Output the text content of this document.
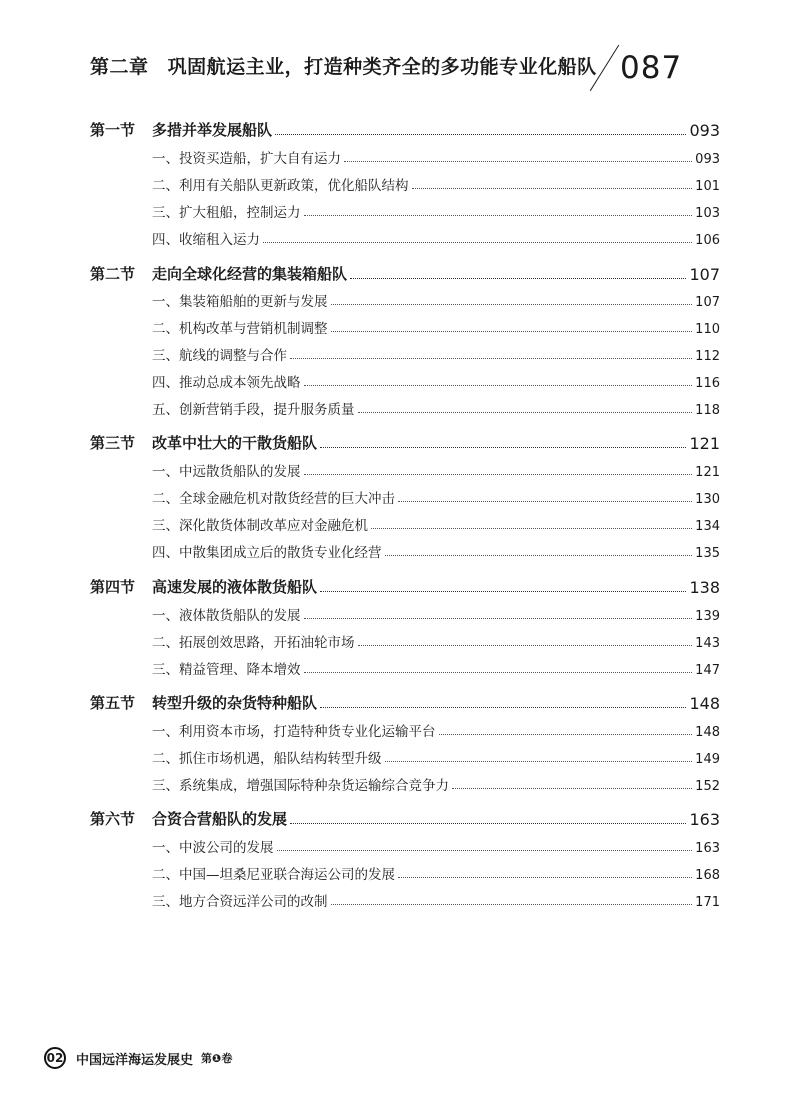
第二章 巩固航运主业，打造种类齐全的多功能专业化船队 087
第一节	多措并举发展船队	093
一、投资买造船，扩大自有运力	093
二、利用有关船队更新政策，优化船队结构	101
三、扩大租船，控制运力	103
四、收缩租入运力	106
第二节	走向全球化经营的集装箱船队	107
一、集装箱船舶的更新与发展	107
二、机构改革与营销机制调整	110
三、航线的调整与合作	112
四、推动总成本领先战略	116
五、创新营销手段，提升服务质量	118
第三节	改革中壮大的干散货船队	121
一、中远散货船队的发展	121
二、全球金融危机对散货经营的巨大冲击	130
三、深化散货体制改革应对金融危机	134
四、中散集团成立后的散货专业化经营	135
第四节	高速发展的液体散货船队	138
一、液体散货船队的发展	139
二、拓展创效思路，开拓油轮市场	143
三、精益管理、降本增效	147
第五节	转型升级的杂货特种船队	148
一、利用资本市场，打造特种货专业化运输平台	148
二、抓住市场机遇，船队结构转型升级	149
三、系统集成，增强国际特种杂货运输综合竞争力	152
第六节	合资合营船队的发展	163
一、中波公司的发展	163
二、中国—坦桑尼亚联合海运公司的发展	168
三、地方合资远洋公司的改制	171
02 中国远洋海运发展史 第❶卷
